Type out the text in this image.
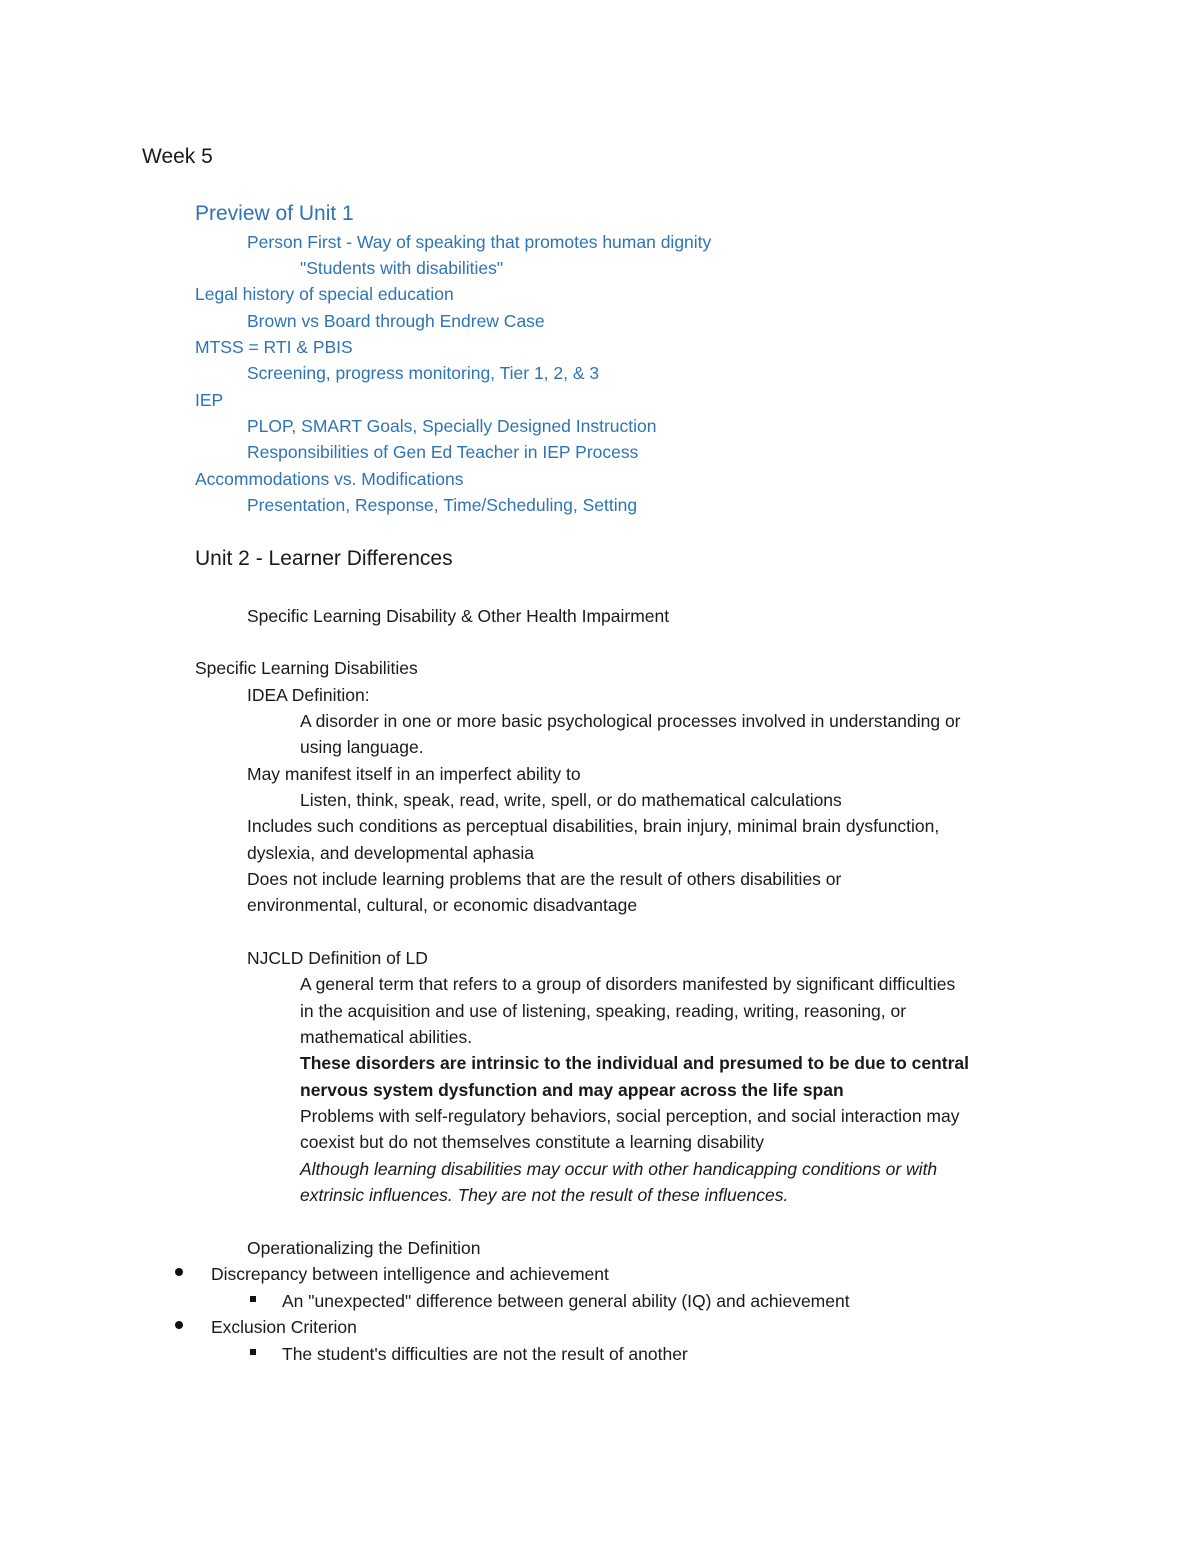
Week 5
Preview of Unit 1
Person First - Way of speaking that promotes human dignity
"Students with disabilities"
Legal history of special education
Brown vs Board through Endrew Case
MTSS = RTI & PBIS
Screening, progress monitoring, Tier 1, 2, & 3
IEP
PLOP, SMART Goals, Specially Designed Instruction
Responsibilities of Gen Ed Teacher in IEP Process
Accommodations vs. Modifications
Presentation, Response, Time/Scheduling, Setting
Unit 2 - Learner Differences
Specific Learning Disability & Other Health Impairment
Specific Learning Disabilities
IDEA Definition:
A disorder in one or more basic psychological processes involved in understanding or
using language.
May manifest itself in an imperfect ability to
Listen, think, speak, read, write, spell, or do mathematical calculations
Includes such conditions as perceptual disabilities, brain injury, minimal brain dysfunction,
dyslexia, and developmental aphasia
Does not include learning problems that are the result of others disabilities or
environmental, cultural, or economic disadvantage
NJCLD Definition of LD
A general term that refers to a group of disorders manifested by significant difficulties
in the acquisition and use of listening, speaking, reading, writing, reasoning, or
mathematical abilities.
These disorders are intrinsic to the individual and presumed to be due to central
nervous system dysfunction and may appear across the life span
Problems with self-regulatory behaviors, social perception, and social interaction may
coexist but do not themselves constitute a learning disability
Although learning disabilities may occur with other handicapping conditions or with
extrinsic influences. They are not the result of these influences.
Operationalizing the Definition
Discrepancy between intelligence and achievement
An "unexpected" difference between general ability (IQ) and achievement
Exclusion Criterion
The student's difficulties are not the result of another
